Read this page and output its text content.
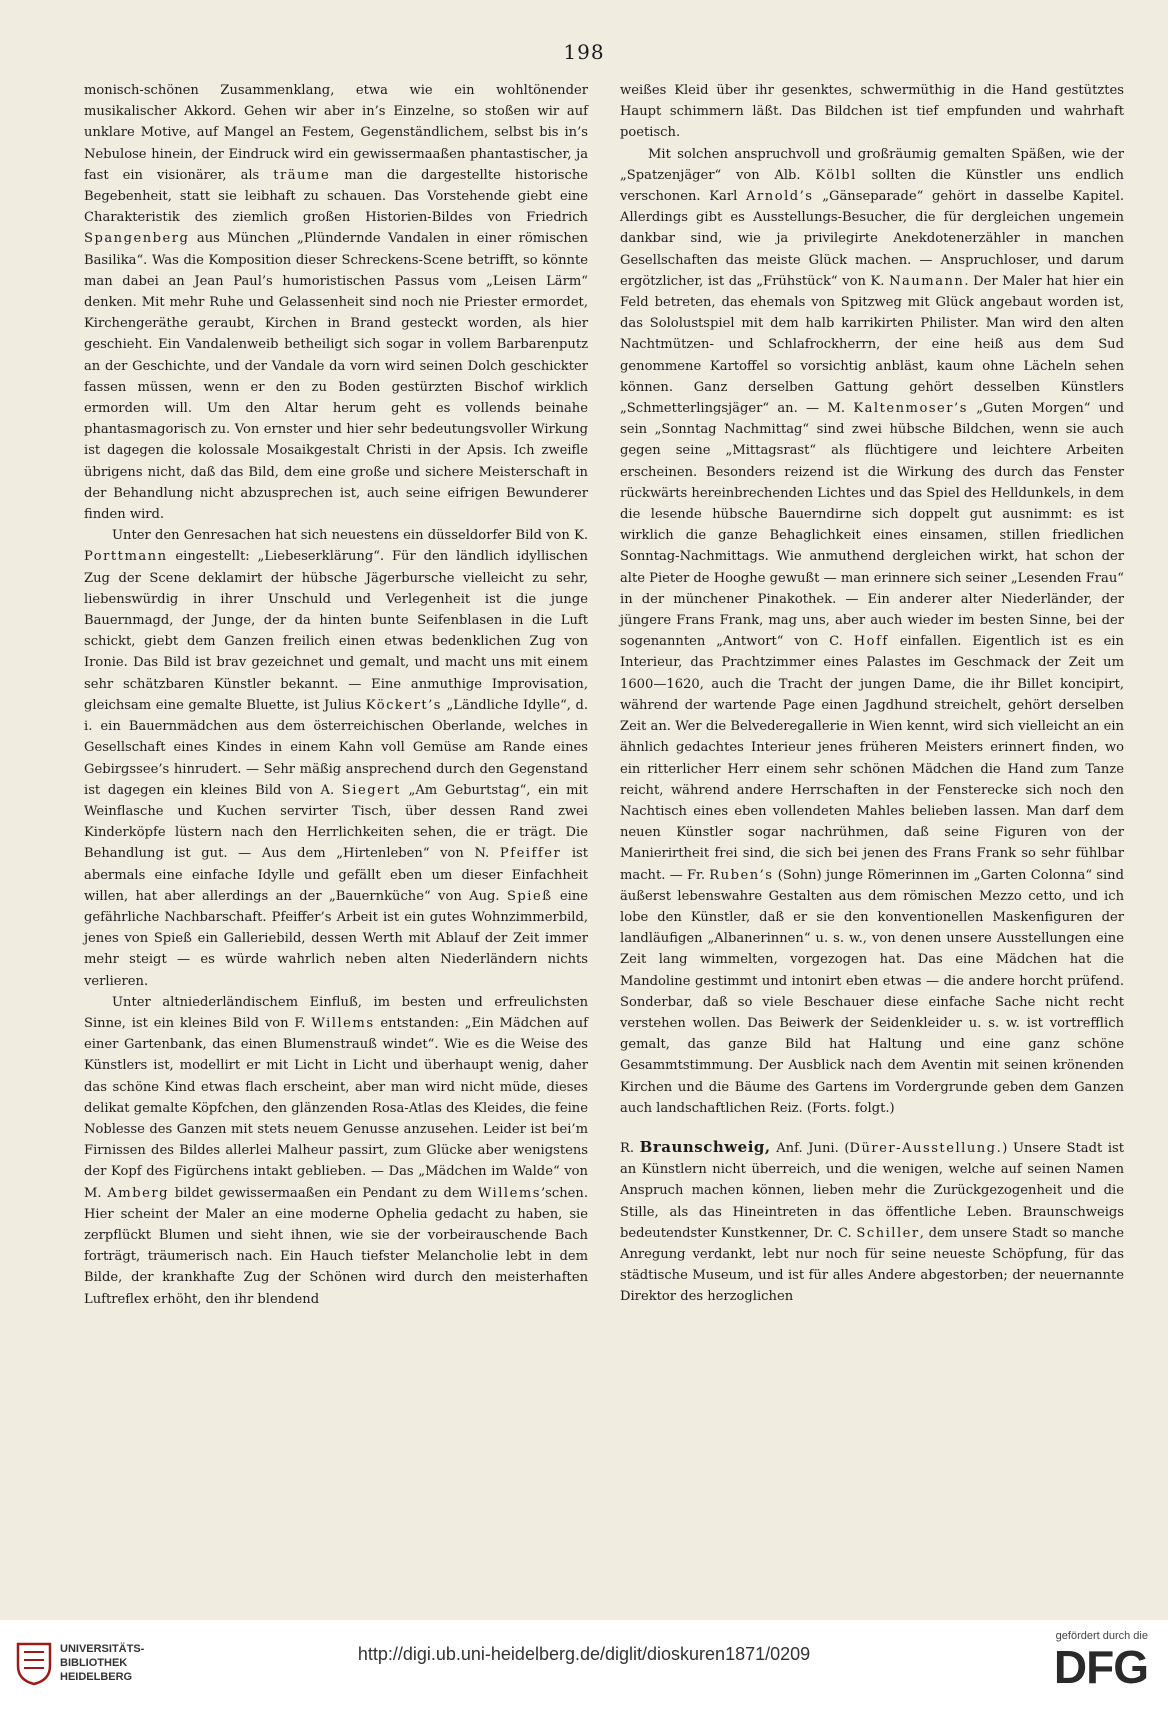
198

monisch-schönen Zusammenklang, etwa wie ein wohltönender musikalischer Akkord. Gehen wir aber in’s Einzelne, so stoßen wir auf unklare Motive, auf Mangel an Festem, Gegenständlichem, selbst bis in’s Nebulose hinein, der Eindruck wird ein gewissermaaßen phantastischer, ja fast ein visionärer, als träume man die dargestellte historische Begebenheit, statt sie leibhaft zu schauen. Das Vorstehende giebt eine Charakteristik des ziemlich großen Historien-Bildes von Friedrich Spangenberg aus München „Plündernde Vandalen in einer römischen Basilika“. Was die Komposition dieser Schreckens-Scene betrifft, so könnte man dabei an Jean Paul’s humoristischen Passus vom „Leisen Lärm“ denken. Mit mehr Ruhe und Gelassenheit sind noch nie Priester ermordet, Kirchengeräthe geraubt, Kirchen in Brand gesteckt worden, als hier geschieht. Ein Vandalenweib betheiligt sich sogar in vollem Barbarenputz an der Geschichte, und der Vandale da vorn wird seinen Dolch geschickter fassen müssen, wenn er den zu Boden gestürzten Bischof wirklich ermorden will. Um den Altar herum geht es vollends beinahe phantasmagorisch zu. Von ernster und hier sehr bedeutungsvoller Wirkung ist dagegen die kolossale Mosaikgestalt Christi in der Apsis. Ich zweifle übrigens nicht, daß das Bild, dem eine große und sichere Meisterschaft in der Behandlung nicht abzusprechen ist, auch seine eifrigen Bewunderer finden wird.

Unter den Genresachen hat sich neuestens ein düsseldorfer Bild von K. Porttmann eingestellt: „Liebeserklärung“. Für den ländlich idyllischen Zug der Scene deklamirt der hübsche Jägerbursche vielleicht zu sehr, liebenswürdig in ihrer Unschuld und Verlegenheit ist die junge Bauernmagd, der Junge, der da hinten bunte Seifenblasen in die Luft schickt, giebt dem Ganzen freilich einen etwas bedenklichen Zug von Ironie. Das Bild ist brav gezeichnet und gemalt, und macht uns mit einem sehr schätzbaren Künstler bekannt. — Eine anmuthige Improvisation, gleichsam eine gemalte Bluette, ist Julius Köckert’s „Ländliche Idylle“, d. i. ein Bauernmädchen aus dem österreichischen Oberlande, welches in Gesellschaft eines Kindes in einem Kahn voll Gemüse am Rande eines Gebirgssee’s hinrudert. — Sehr mäßig ansprechend durch den Gegenstand ist dagegen ein kleines Bild von A. Siegert „Am Geburtstag“, ein mit Weinflasche und Kuchen servirter Tisch, über dessen Rand zwei Kinderköpfe lüstern nach den Herrlichkeiten sehen, die er trägt. Die Behandlung ist gut. — Aus dem „Hirtenleben“ von N. Pfeiffer ist abermals eine einfache Idylle und gefällt eben um dieser Einfachheit willen, hat aber allerdings an der „Bauernküche“ von Aug. Spieß eine gefährliche Nachbarschaft. Pfeiffer’s Arbeit ist ein gutes Wohnzimmerbild, jenes von Spieß ein Galleriebild, dessen Werth mit Ablauf der Zeit immer mehr steigt — es würde wahrlich neben alten Niederländern nichts verlieren.

Unter altniederländischem Einfluß, im besten und erfreulichsten Sinne, ist ein kleines Bild von F. Willems entstanden: „Ein Mädchen auf einer Gartenbank, das einen Blumenstrauß windet“. Wie es die Weise des Künstlers ist, modellirt er mit Licht in Licht und überhaupt wenig, daher das schöne Kind etwas flach erscheint, aber man wird nicht müde, dieses delikat gemalte Köpfchen, den glänzenden Rosa-Atlas des Kleides, die feine Noblesse des Ganzen mit stets neuem Genusse anzusehen. Leider ist bei’m Firnissen des Bildes allerlei Malheur passirt, zum Glücke aber wenigstens der Kopf des Figürchens intakt geblieben. — Das „Mädchen im Walde“ von M. Amberg bildet gewissermaaßen ein Pendant zu dem Willems’schen. Hier scheint der Maler an eine moderne Ophelia gedacht zu haben, sie zerpflückt Blumen und sieht ihnen, wie sie der vorbeirauschende Bach forträgt, träumerisch nach. Ein Hauch tiefster Melancholie lebt in dem Bilde, der krankhafte Zug der Schönen wird durch den meisterhaften Luftreflex erhöht, den ihr blendend

weißes Kleid über ihr gesenktes, schwermüthig in die Hand gestütztes Haupt schimmern läßt. Das Bildchen ist tief empfunden und wahrhaft poetisch.

Mit solchen anspruchvoll und großräumig gemalten Späßen, wie der „Spatzenjäger“ von Alb. Kölbl sollten die Künstler uns endlich verschonen. Karl Arnold’s „Gänseparade“ gehört in dasselbe Kapitel. Allerdings gibt es Ausstellungs-Besucher, die für dergleichen ungemein dankbar sind, wie ja privilegirte Anekdotenerzähler in manchen Gesellschaften das meiste Glück machen. — Anspruchloser, und darum ergötzlicher, ist das „Frühstück“ von K. Naumann. Der Maler hat hier ein Feld betreten, das ehemals von Spitzweg mit Glück angebaut worden ist, das Sololustspiel mit dem halb karrikirten Philister. Man wird den alten Nachtmützen- und Schlafrockherrn, der eine heiß aus dem Sud genommene Kartoffel so vorsichtig anbläst, kaum ohne Lächeln sehen können. Ganz derselben Gattung gehört desselben Künstlers „Schmetterlingsjäger“ an. — M. Kaltenmoser’s „Guten Morgen“ und sein „Sonntag Nachmittag“ sind zwei hübsche Bildchen, wenn sie auch gegen seine „Mittagsrast“ als flüchtigere und leichtere Arbeiten erscheinen. Besonders reizend ist die Wirkung des durch das Fenster rückwärts hereinbrechenden Lichtes und das Spiel des Helldunkels, in dem die lesende hübsche Bauerndirne sich doppelt gut ausnimmt: es ist wirklich die ganze Behaglichkeit eines einsamen, stillen friedlichen Sonntag-Nachmittags. Wie anmuthend dergleichen wirkt, hat schon der alte Pieter de Hooghe gewußt — man erinnere sich seiner „Lesenden Frau“ in der münchener Pinakothek. — Ein anderer alter Niederländer, der jüngere Frans Frank, mag uns, aber auch wieder im besten Sinne, bei der sogenannten „Antwort“ von C. Hoff einfallen. Eigentlich ist es ein Interieur, das Prachtzimmer eines Palastes im Geschmack der Zeit um 1600—1620, auch die Tracht der jungen Dame, die ihr Billet koncipirt, während der wartende Page einen Jagdhund streichelt, gehört derselben Zeit an. Wer die Belvederegallerie in Wien kennt, wird sich vielleicht an ein ähnlich gedachtes Interieur jenes früheren Meisters erinnert finden, wo ein ritterlicher Herr einem sehr schönen Mädchen die Hand zum Tanze reicht, während andere Herrschaften in der Fensterecke sich noch den Nachtisch eines eben vollendeten Mahles belieben lassen. Man darf dem neuen Künstler sogar nachrühmen, daß seine Figuren von der Manierirtheit frei sind, die sich bei jenen des Frans Frank so sehr fühlbar macht. — Fr. Ruben’s (Sohn) junge Römerinnen im „Garten Colonna“ sind äußerst lebenswahre Gestalten aus dem römischen Mezzo cetto, und ich lobe den Künstler, daß er sie den konventionellen Maskenfiguren der landläufigen „Albanerinnen“ u. s. w., von denen unsere Ausstellungen eine Zeit lang wimmelten, vorgezogen hat. Das eine Mädchen hat die Mandoline gestimmt und intonirt eben etwas — die andere horcht prüfend. Sonderbar, daß so viele Beschauer diese einfache Sache nicht recht verstehen wollen. Das Beiwerk der Seidenkleider u. s. w. ist vortrefflich gemalt, das ganze Bild hat Haltung und eine ganz schöne Gesammtstimmung. Der Ausblick nach dem Aventin mit seinen krönenden Kirchen und die Bäume des Gartens im Vordergrunde geben dem Ganzen auch landschaftlichen Reiz. (Forts. folgt.)

R. Braunschweig, Anf. Juni. (Dürer-Ausstellung.) Unsere Stadt ist an Künstlern nicht überreich, und die wenigen, welche auf seinen Namen Anspruch machen können, lieben mehr die Zurückgezogenheit und die Stille, als das Hineintreten in das öffentliche Leben. Braunschweigs bedeutendster Kunstkenner, Dr. C. Schiller, dem unsere Stadt so manche Anregung verdankt, lebt nur noch für seine neueste Schöpfung, für das städtische Museum, und ist für alles Andere abgestorben; der neuernannte Direktor des herzoglichen

UNIVERSITÄTS-
BIBLIOTHEK
HEIDELBERG
http://digi.ub.uni-heidelberg.de/diglit/dioskuren1871/0209
gefördert durch die
DFG
